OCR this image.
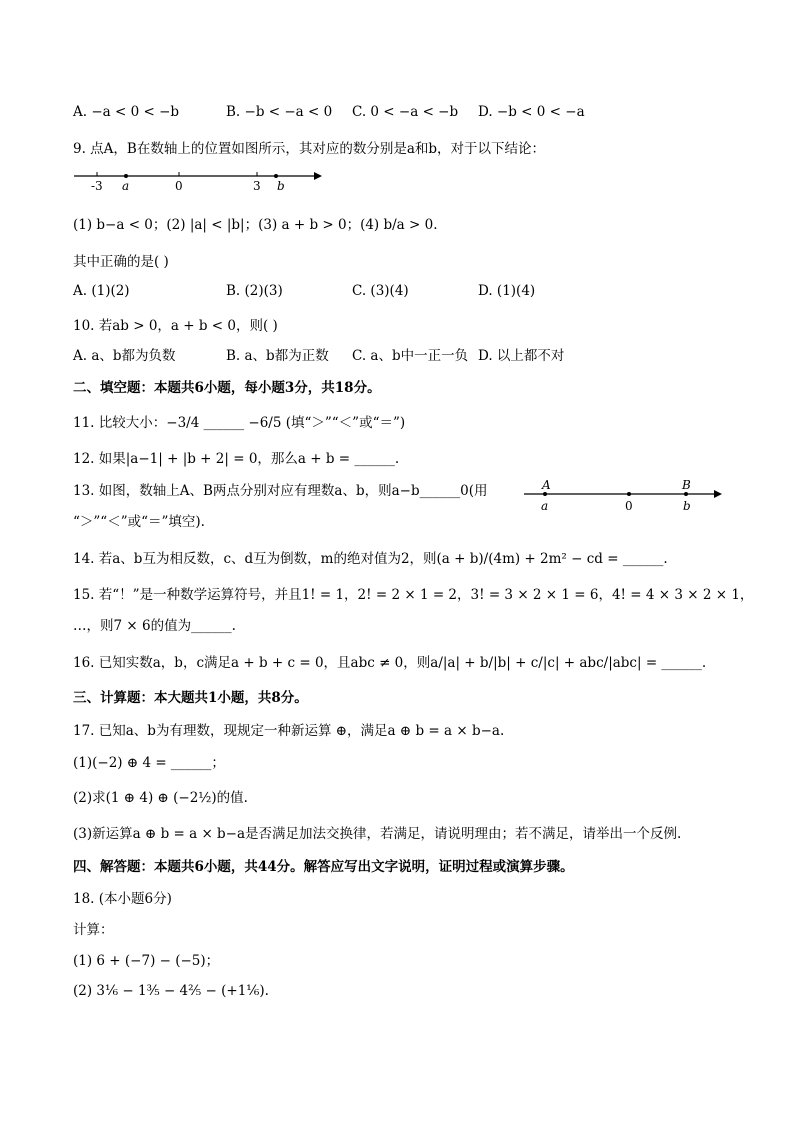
A. −a < 0 < −b	B. −b < −a < 0 C. 0 < −a < −b D. −b < 0 < −a
9. 点A，B在数轴上的位置如图所示，其对应的数分别是a和b，对于以下结论：
-3 a	0	3 b
(1) b−a < 0；(2) |a| < |b|；(3) a + b > 0；(4) b/a > 0.
其中正确的是( )
A. (1)(2)	B. (2)(3)	C. (3)(4)	D. (1)(4)
10. 若ab > 0，a + b < 0，则( )
A. a、b都为负数	B. a、b都为正数 C. a、b中一正一负 D. 以上都不对
二、填空题：本题共6小题，每小题3分，共18分。
11. 比较大小：−3/4 ______ −6/5 (填“＞”“＜”或“＝”)
12. 如果|a−1| + |b + 2| = 0，那么a + b = ______.
13. 如图，数轴上A、B两点分别对应有理数a、b，则a−b______0(用
“＞”“＜”或“＝”填空).
A	B
a	0	b
14. 若a、b互为相反数，c、d互为倒数，m的绝对值为2，则(a + b)/(4m) + 2m² − cd = ______.
15. 若“！”是一种数学运算符号，并且1! = 1，2! = 2 × 1 = 2，3! = 3 × 2 × 1 = 6，4! = 4 × 3 × 2 × 1，
…，则7 × 6的值为______.
16. 已知实数a，b，c满足a + b + c = 0，且abc ≠ 0，则a/|a| + b/|b| + c/|c| + abc/|abc| = ______.
三、计算题：本大题共1小题，共8分。
17. 已知a、b为有理数，现规定一种新运算 ⊕，满足a ⊕ b = a × b−a.
(1)(−2) ⊕ 4 = ______；
(2)求(1 ⊕ 4) ⊕ (−2½)的值.
(3)新运算a ⊕ b = a × b−a是否满足加法交换律，若满足，请说明理由；若不满足，请举出一个反例.
四、解答题：本题共6小题，共44分。解答应写出文字说明，证明过程或演算步骤。
18. (本小题6分)
计算：
(1) 6 + (−7) − (−5)；
(2) 3⅙ − 1⅗ − 4⅖ − (+1⅙).
